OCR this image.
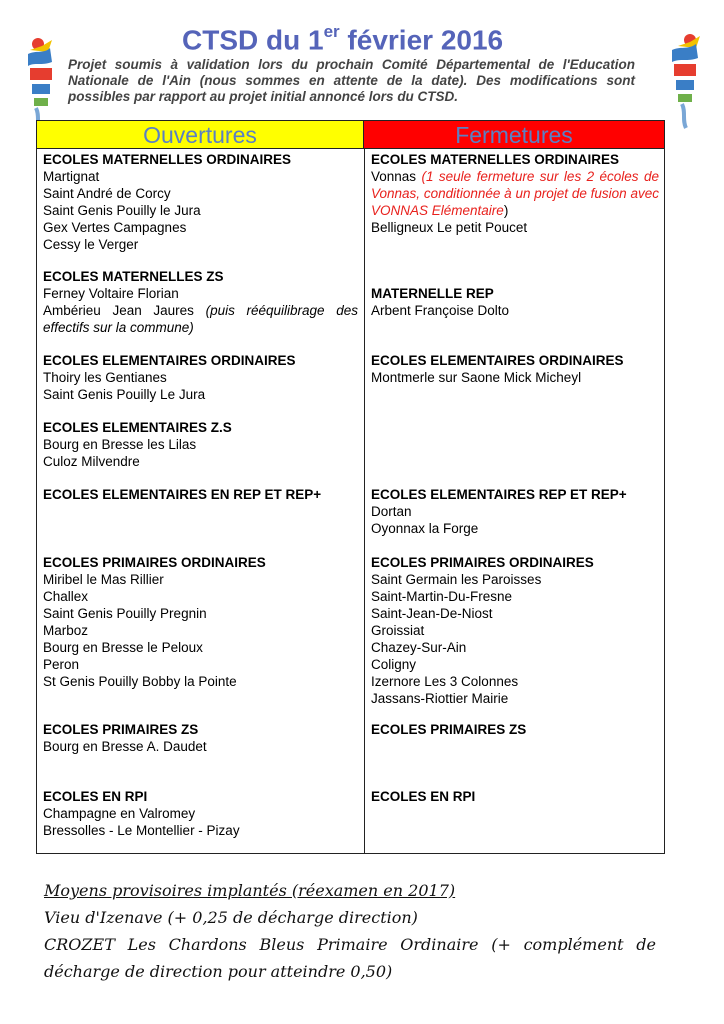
CTSD du 1er février 2016

Projet soumis à validation lors du prochain Comité Départemental de l'Education Nationale de l'Ain (nous sommes en attente de la date). Des modifications sont possibles par rapport au projet initial annoncé lors du CTSD.

Ouvertures	Fermetures
ECOLES MATERNELLES ORDINAIRES
Martignat
Saint André de Corcy
Saint Genis Pouilly le Jura
Gex Vertes Campagnes
Cessy le Verger
ECOLES MATERNELLES ZS
Ferney Voltaire Florian
Ambérieu Jean Jaures (puis rééquilibrage des effectifs sur la commune)
ECOLES ELEMENTAIRES ORDINAIRES
Thoiry les Gentianes
Saint Genis Pouilly Le Jura
ECOLES ELEMENTAIRES Z.S
Bourg en Bresse les Lilas
Culoz Milvendre
ECOLES ELEMENTAIRES EN REP ET REP+
ECOLES PRIMAIRES ORDINAIRES
Miribel le Mas Rillier
Challex
Saint Genis Pouilly Pregnin
Marboz
Bourg en Bresse le Peloux
Peron
St Genis Pouilly Bobby la Pointe
ECOLES PRIMAIRES ZS
Bourg en Bresse A. Daudet
ECOLES EN RPI
Champagne en Valromey
Bressolles - Le Montellier - Pizay
ECOLES MATERNELLES ORDINAIRES
Vonnas (1 seule fermeture sur les 2 écoles de Vonnas, conditionnée à un projet de fusion avec VONNAS Elémentaire)
Belligneux Le petit Poucet
MATERNELLE REP
Arbent Françoise Dolto
ECOLES ELEMENTAIRES ORDINAIRES
Montmerle sur Saone Mick Micheyl
ECOLES ELEMENTAIRES REP ET REP+
Dortan
Oyonnax la Forge
ECOLES PRIMAIRES ORDINAIRES
Saint Germain les Paroisses
Saint-Martin-Du-Fresne
Saint-Jean-De-Niost
Groissiat
Chazey-Sur-Ain
Coligny
Izernore Les 3 Colonnes
Jassans-Riottier Mairie
ECOLES PRIMAIRES ZS
ECOLES EN RPI
Moyens provisoires implantés (réexamen en 2017)
Vieu d'Izenave (+ 0,25 de décharge direction)
CROZET Les Chardons Bleus Primaire Ordinaire (+ complément de décharge de direction pour atteindre 0,50)
